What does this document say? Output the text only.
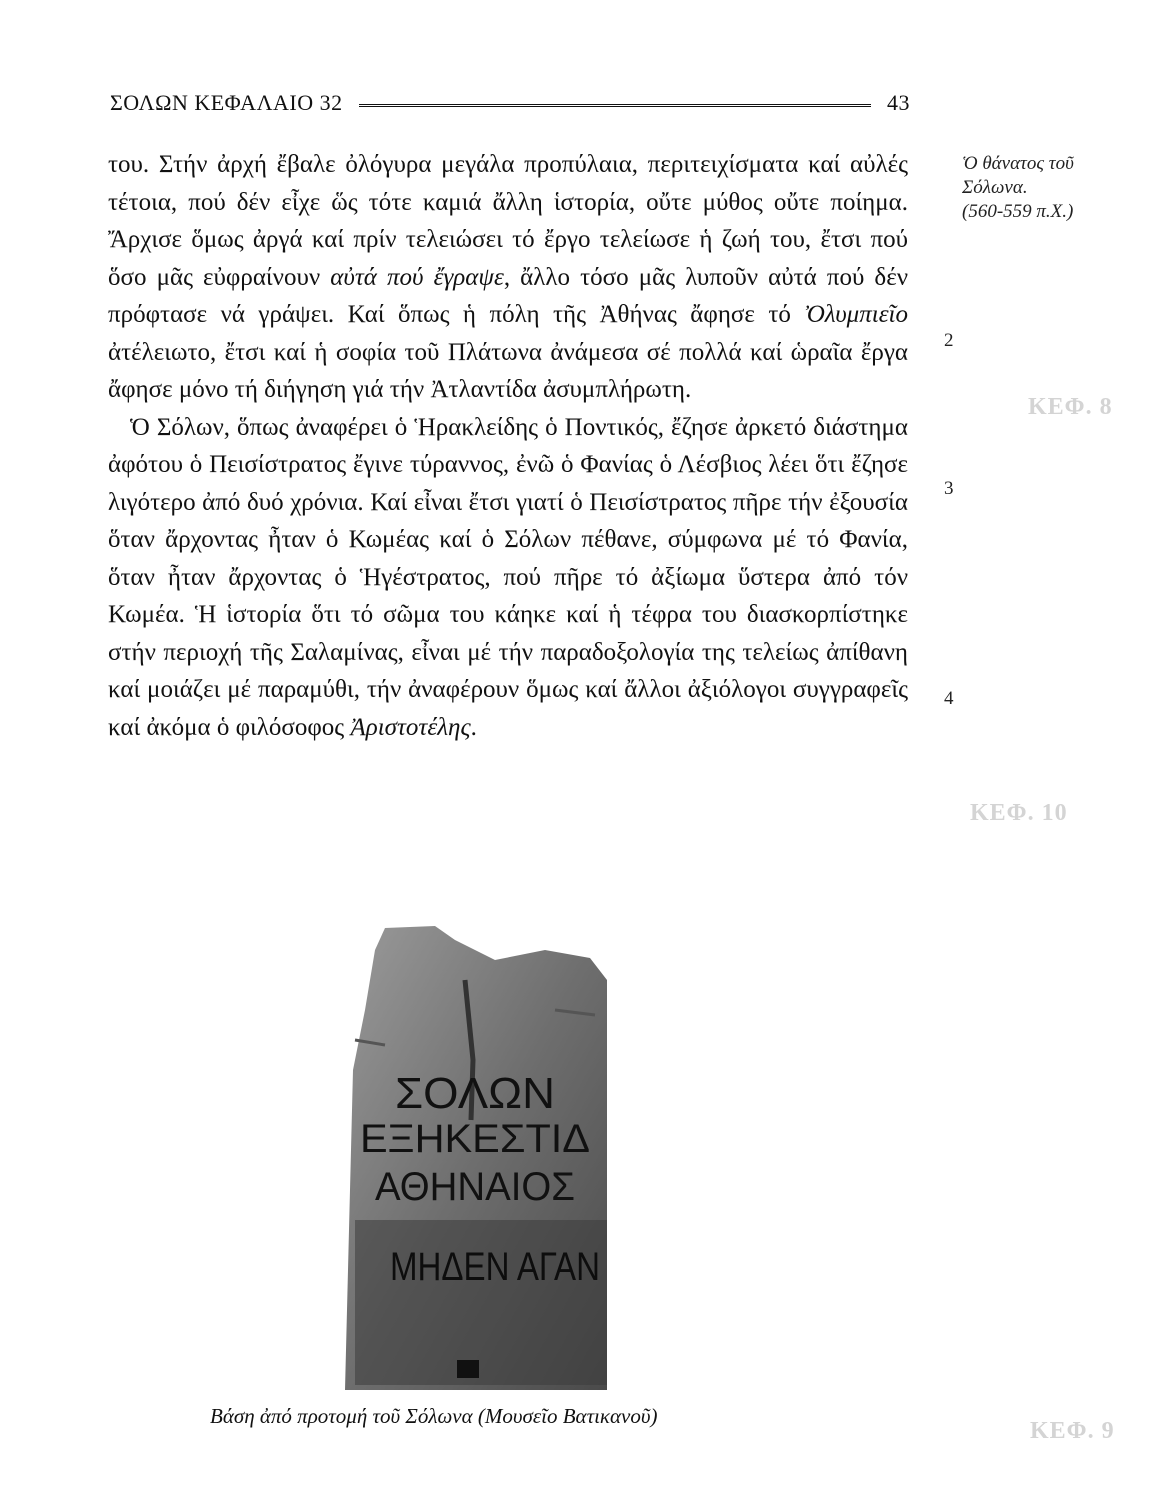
ΚΕΦ. 8
ΚΕΦ. 10
ΚΕΦ. 9
ΣΟΛΩΝ ΚΕΦΑΛΑΙΟ 32	43

του. Στήν ἀρχή ἔβαλε ὀλόγυρα μεγάλα προπύλαια, περιτειχίσματα καί αὐλές τέτοια, πού δέν εἶχε ὥς τότε καμιά ἄλλη ἱστορία, οὔτε μύθος οὔτε ποίημα. Ἄρχισε ὅμως ἀργά καί πρίν τελειώσει τό ἔργο τελείωσε ἡ ζωή του, ἔτσι πού ὅσο μᾶς εὐφραίνουν αὐτά πού ἔγραψε, ἄλλο τόσο μᾶς λυποῦν αὐτά πού δέν πρόφτασε νά γράψει. Καί ὅπως ἡ πόλη τῆς Ἀθήνας ἄφησε τό Ὀλυμπιεῖο ἀτέλειωτο, ἔτσι καί ἡ σοφία τοῦ Πλάτωνα ἀνάμεσα σέ πολλά καί ὡραῖα ἔργα ἄφησε μόνο τή διήγηση γιά τήν Ἀτλαντίδα ἀσυμπλήρωτη.

Ὁ Σόλων, ὅπως ἀναφέρει ὁ Ἡρακλείδης ὁ Ποντικός, ἔζησε ἀρκετό διάστημα ἀφότου ὁ Πεισίστρατος ἔγινε τύραννος, ἐνῶ ὁ Φανίας ὁ Λέσβιος λέει ὅτι ἔζησε λιγότερο ἀπό δυό χρόνια. Καί εἶναι ἔτσι γιατί ὁ Πεισίστρατος πῆρε τήν ἐξουσία ὅταν ἄρχοντας ἦταν ὁ Κωμέας καί ὁ Σόλων πέθανε, σύμφωνα μέ τό Φανία, ὅταν ἦταν ἄρχοντας ὁ Ἡγέστρατος, πού πῆρε τό ἀξίωμα ὕστερα ἀπό τόν Κωμέα. Ἡ ἱστορία ὅτι τό σῶμα του κάηκε καί ἡ τέφρα του διασκορπίστηκε στήν περιοχή τῆς Σαλαμίνας, εἶναι μέ τήν παραδοξολογία της τελείως ἀπίθανη καί μοιάζει μέ παραμύθι, τήν ἀναφέρουν ὅμως καί ἄλλοι ἀξιόλογοι συγγραφεῖς καί ἀκόμα ὁ φιλόσοφος Ἀριστοτέλης.

Ὁ θάνατος τοῦ
Σόλωνα.
(560-559 π.Χ.)
2
3
4
ΣΟΛΩΝ
ΕΞΗΚΕΣΤΙΔ
ΑΘΗΝΑΙΟΣ
ΜΗΔΕΝ ΑΓΑΝ
Βάση ἀπό προτομή τοῦ Σόλωνα (Μουσεῖο Βατικανοῦ)
